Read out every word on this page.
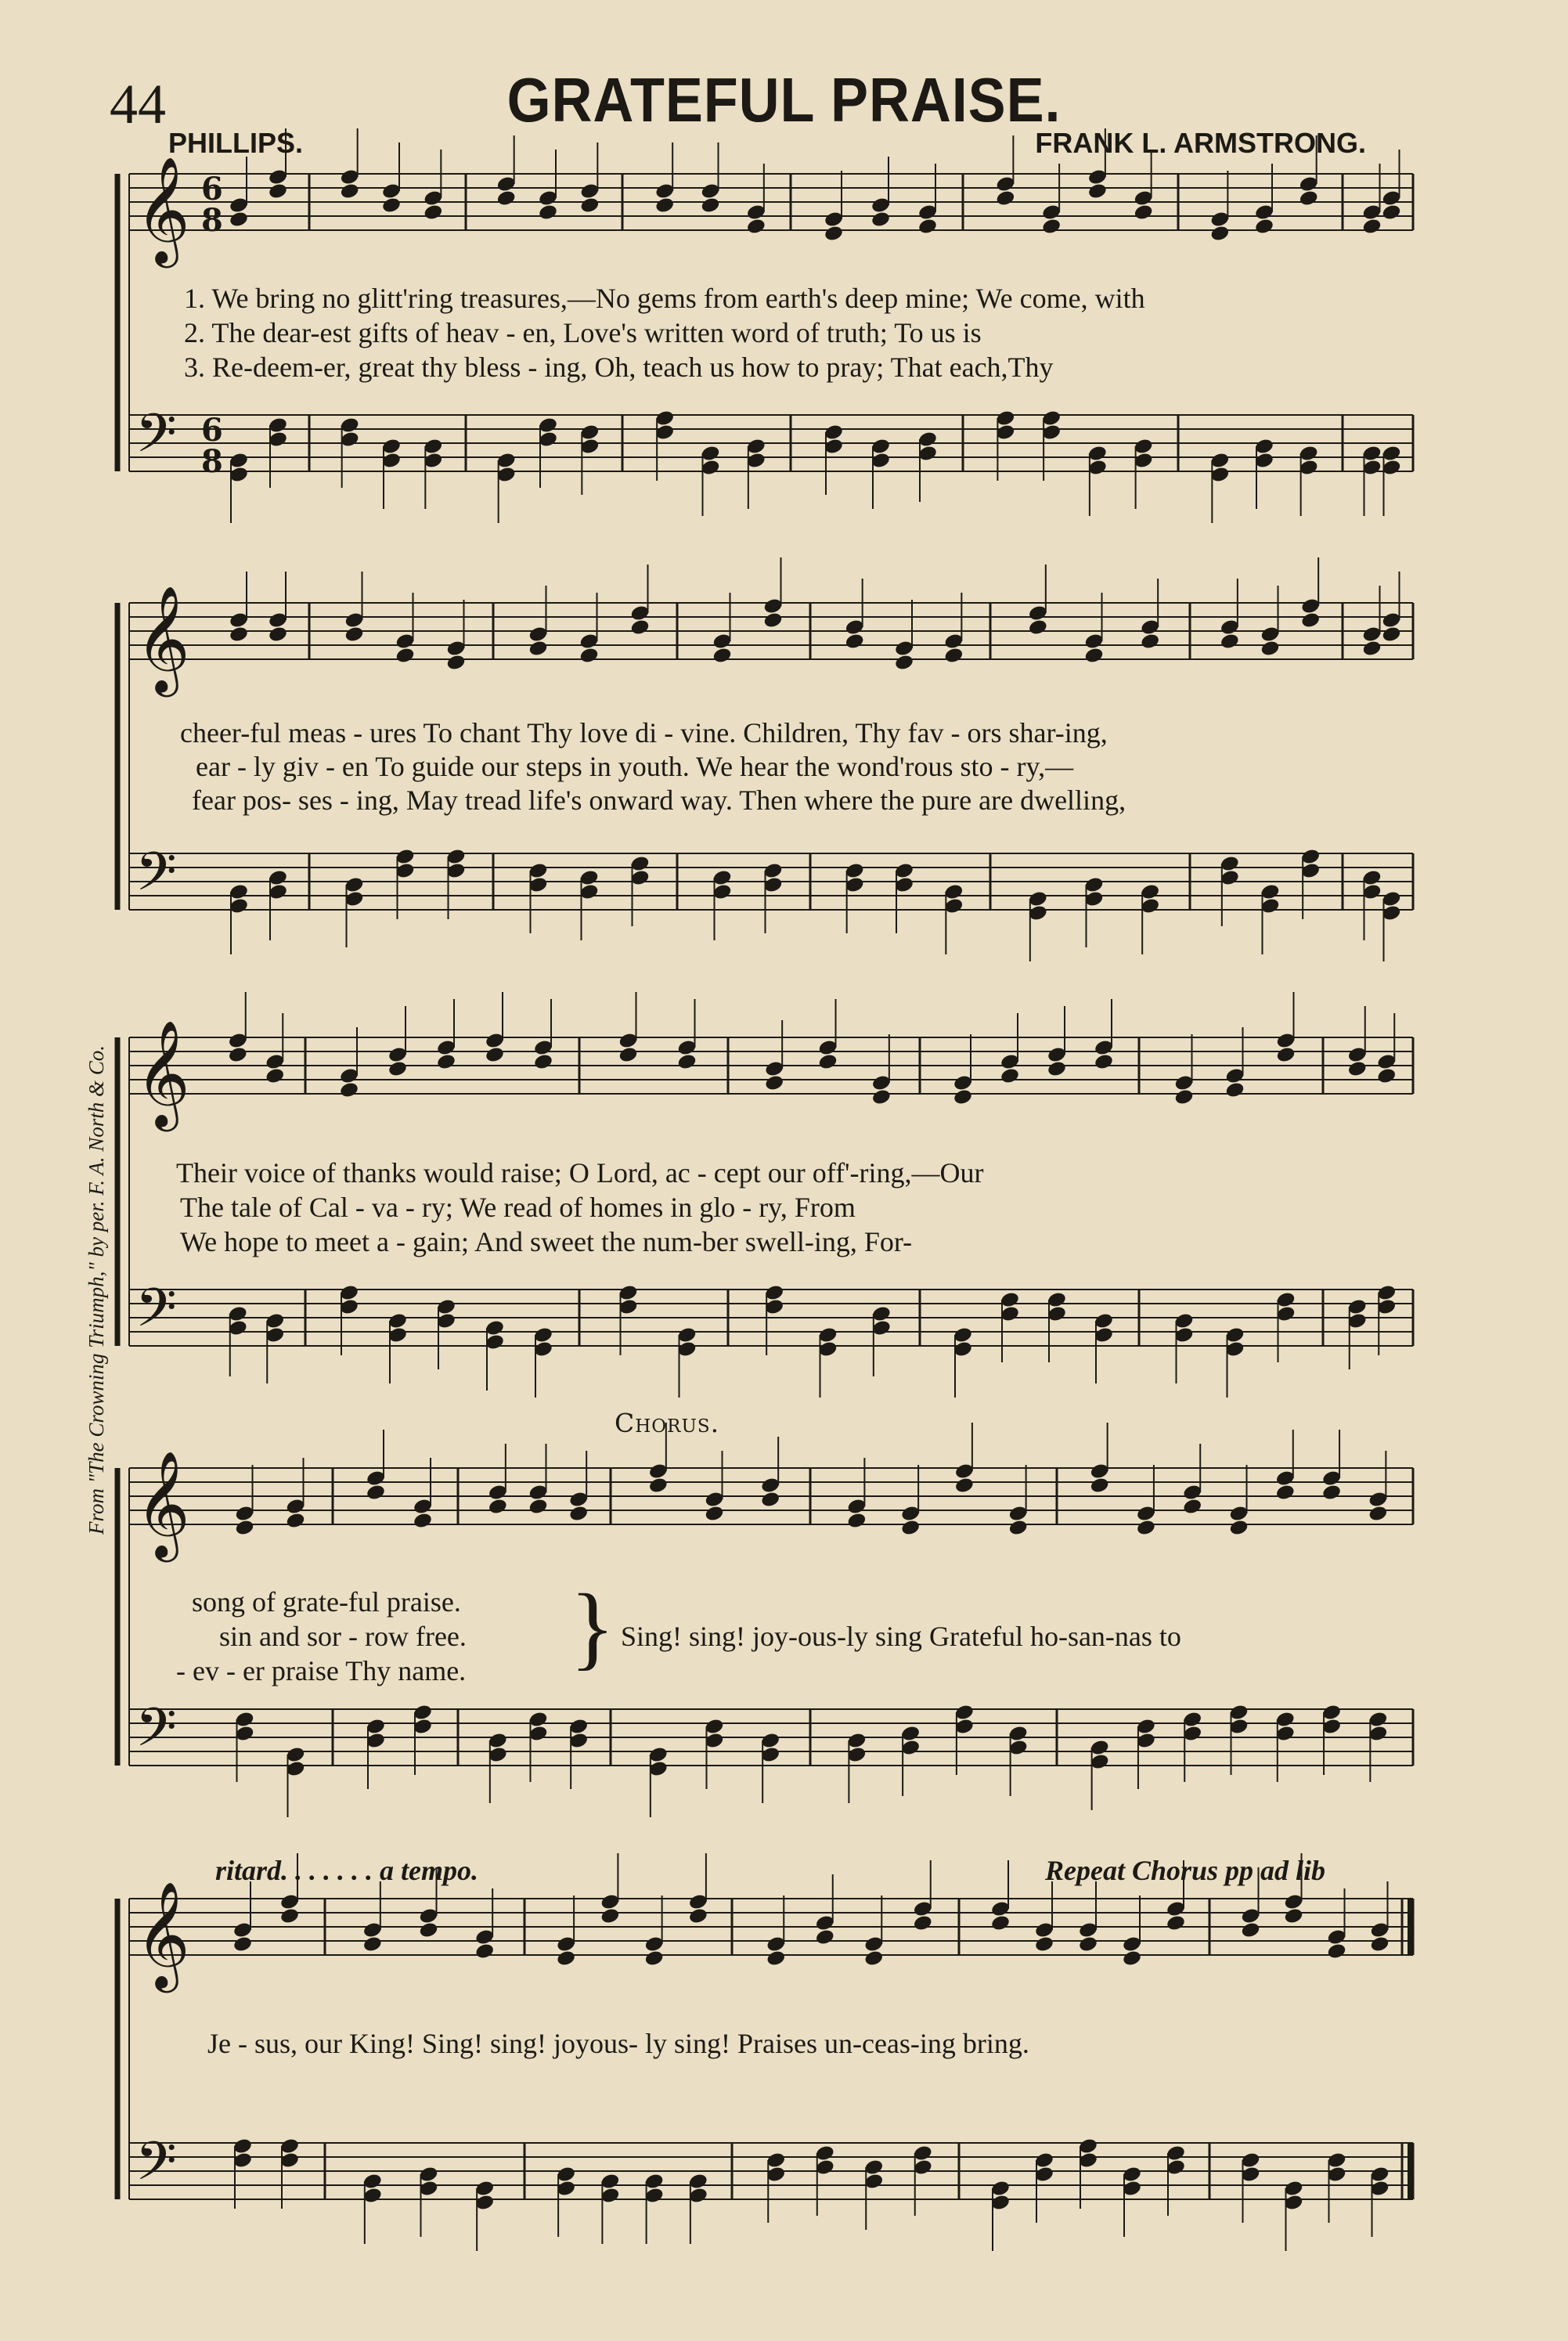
𝄞
𝄢
𝄞
𝄢
𝄞
𝄢
𝄞
𝄢
𝄞
𝄢
6
8
6
8
44	GRATEFUL PRAISE.
PHILLIPS.	FRANK L. ARMSTRONG.
From "The Crowning Triumph," by per. F. A. North & Co.
1. We bring no glitt'ring treasures,—No gems from earth's deep mine; We come, with
2. The dear-est gifts of heav - en, Love's written word of truth; To us is
3. Re-deem-er, great thy bless - ing, Oh, teach us how to pray; That each,Thy
cheer-ful meas - ures To chant Thy love di - vine. Children, Thy fav - ors shar-ing,
ear - ly giv - en To guide our steps in youth. We hear the wond'rous sto - ry,—
fear pos- ses - ing, May tread life's onward way. Then where the pure are dwelling,
Their voice of thanks would raise; O Lord, ac - cept our off'-ring,—Our
The tale of Cal - va - ry; We read of homes in glo - ry, From
We hope to meet a - gain; And sweet the num-ber swell-ing, For-
Chorus.
song of grate-ful praise.
sin and sor - row free.
- ev - er praise Thy name. } Sing! sing! joy-ous-ly sing Grateful ho-san-nas to
ritard. . . . . . . a tempo.	Repeat Chorus pp ad lib
Je - sus, our King! Sing! sing! joyous- ly sing! Praises un-ceas-ing bring.
